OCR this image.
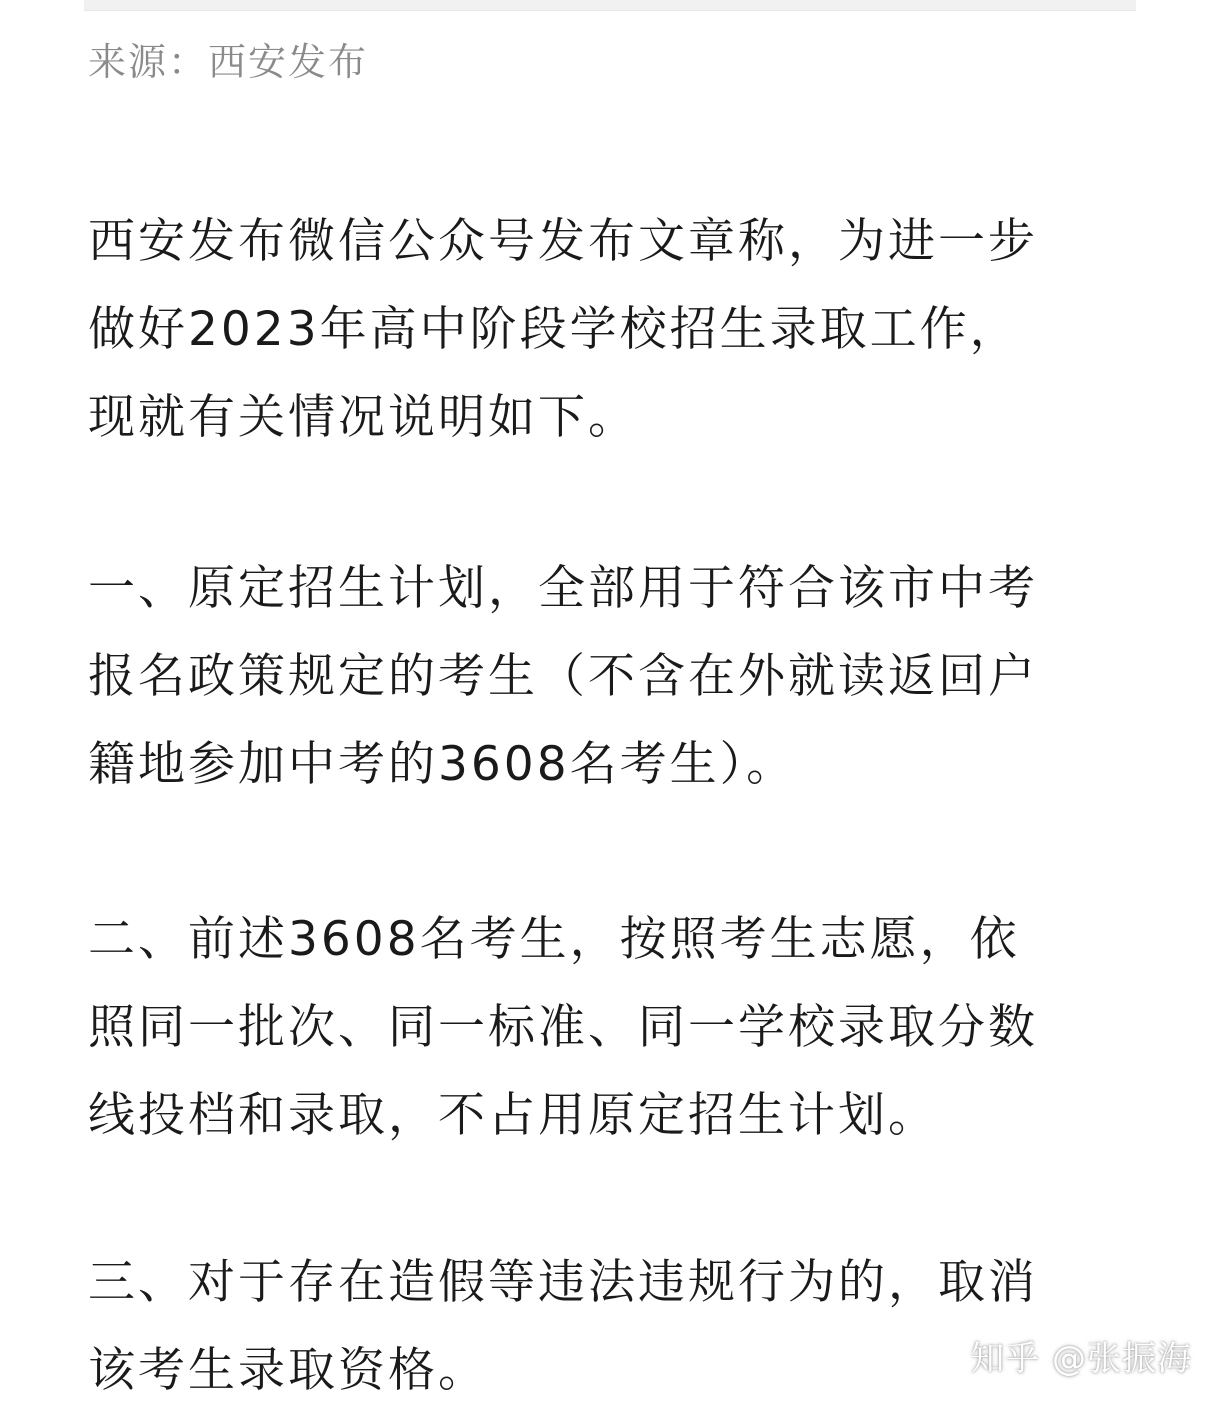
来源：西安发布

西安发布微信公众号发布文章称，为进一步
做好2023年高中阶段学校招生录取工作，
现就有关情况说明如下。

一、原定招生计划，全部用于符合该市中考
报名政策规定的考生（不含在外就读返回户
籍地参加中考的3608名考生）。

二、前述3608名考生，按照考生志愿，依
照同一批次、同一标准、同一学校录取分数
线投档和录取，不占用原定招生计划。

三、对于存在造假等违法违规行为的，取消
该考生录取资格。	知乎 @张振海
